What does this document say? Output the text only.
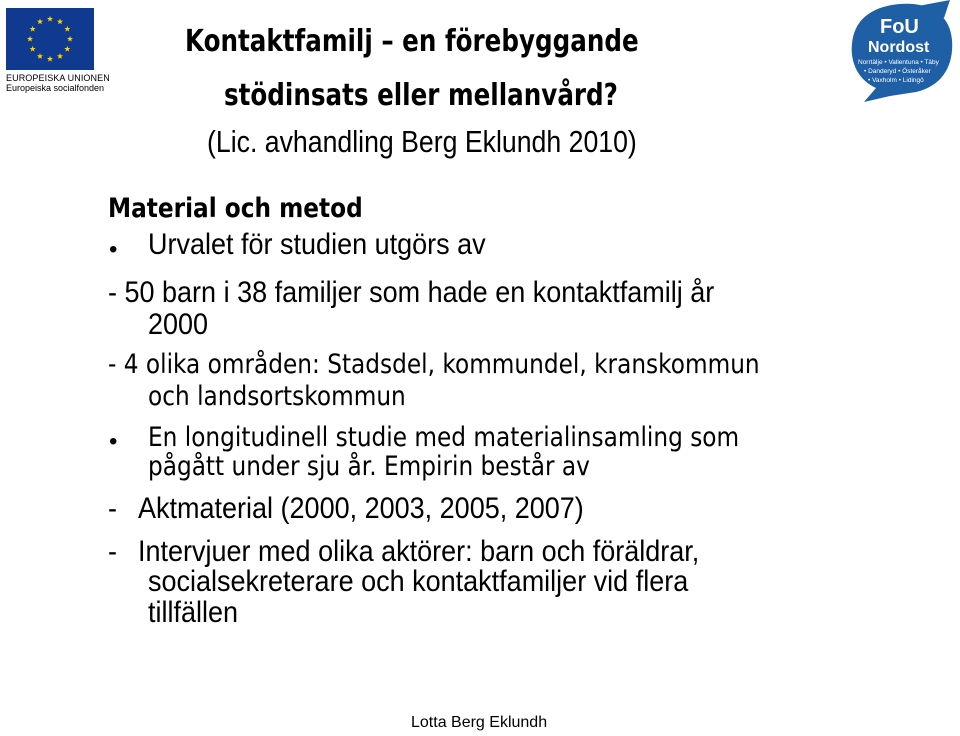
EUROPEISKA UNIONEN
Europeiska socialfonden
FoU
Nordost
Norrtälje • Vallentuna • Täby
• Danderyd • Österåker
• Vaxholm • Lidingö
Kontaktfamilj – en förebyggande
stödinsats eller mellanvård?
(Lic. avhandling Berg Eklundh 2010)
Material och metod
• Urvalet för studien utgörs av
- 50 barn i 38 familjer som hade en kontaktfamilj år
2000
- 4 olika områden: Stadsdel, kommundel, kranskommun
och landsortskommun
• En longitudinell studie med materialinsamling som
pågått under sju år. Empirin består av
- Aktmaterial (2000, 2003, 2005, 2007)
- Intervjuer med olika aktörer: barn och föräldrar,
socialsekreterare och kontaktfamiljer vid flera
tillfällen
Lotta Berg Eklundh
